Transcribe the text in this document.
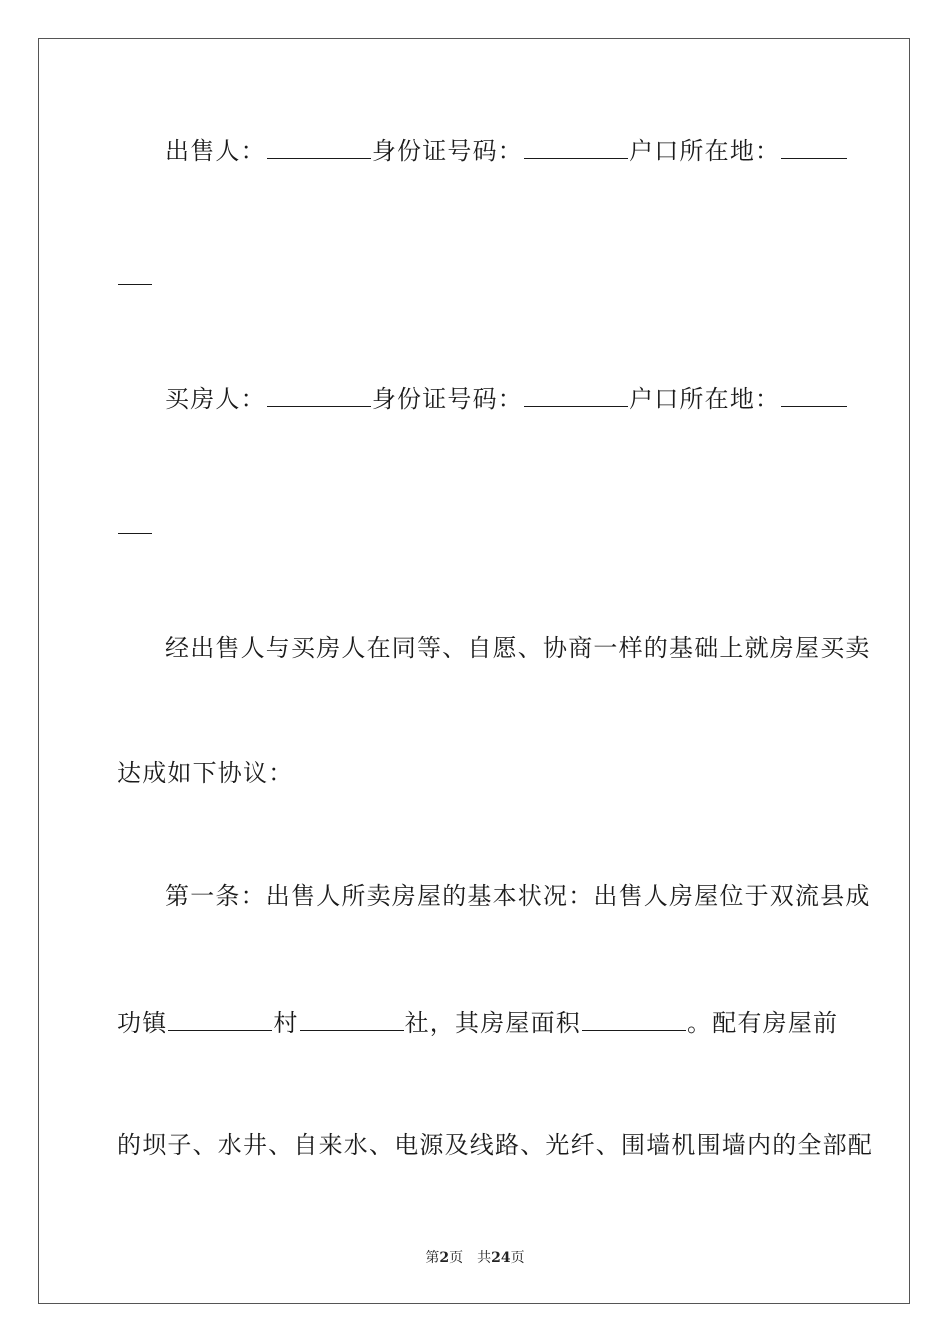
出售人：	身份证号码：	户口所在地：
买房人：	身份证号码：	户口所在地：
经出售人与买房人在同等、自愿、协商一样的基础上就房屋买卖
达成如下协议：
第一条：出售人所卖房屋的基本状况：出售人房屋位于双流县成
功镇	村	社，其房屋面积	。配有房屋前
的坝子、水井、自来水、电源及线路、光纤、围墙机围墙内的全部配
第2页　共24页
